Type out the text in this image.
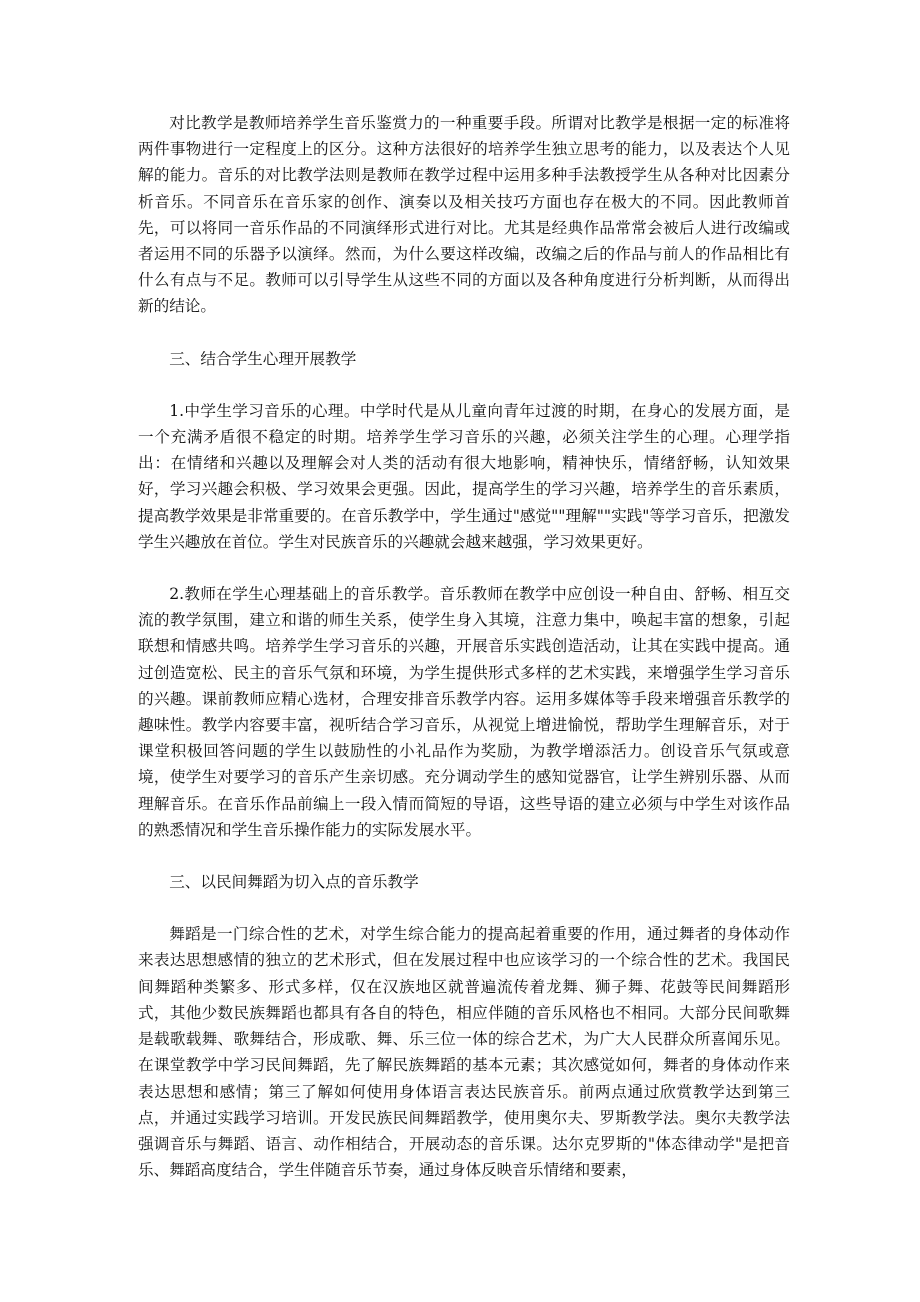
对比教学是教师培养学生音乐鉴赏力的一种重要手段。所谓对比教学是根据一定的标准将两件事物进行一定程度上的区分。这种方法很好的培养学生独立思考的能力，以及表达个人见解的能力。音乐的对比教学法则是教师在教学过程中运用多种手法教授学生从各种对比因素分析音乐。不同音乐在音乐家的创作、演奏以及相关技巧方面也存在极大的不同。因此教师首先，可以将同一音乐作品的不同演绎形式进行对比。尤其是经典作品常常会被后人进行改编或者运用不同的乐器予以演绎。然而，为什么要这样改编，改编之后的作品与前人的作品相比有什么有点与不足。教师可以引导学生从这些不同的方面以及各种角度进行分析判断，从而得出新的结论。

三、结合学生心理开展教学

1.中学生学习音乐的心理。中学时代是从儿童向青年过渡的时期，在身心的发展方面，是一个充满矛盾很不稳定的时期。培养学生学习音乐的兴趣，必须关注学生的心理。心理学指出：在情绪和兴趣以及理解会对人类的活动有很大地影响，精神快乐，情绪舒畅，认知效果好，学习兴趣会积极、学习效果会更强。因此，提高学生的学习兴趣，培养学生的音乐素质，提高教学效果是非常重要的。在音乐教学中，学生通过"感觉""理解""实践"等学习音乐，把激发学生兴趣放在首位。学生对民族音乐的兴趣就会越来越强，学习效果更好。

2.教师在学生心理基础上的音乐教学。音乐教师在教学中应创设一种自由、舒畅、相互交流的教学氛围，建立和谐的师生关系，使学生身入其境，注意力集中，唤起丰富的想象，引起联想和情感共鸣。培养学生学习音乐的兴趣，开展音乐实践创造活动，让其在实践中提高。通过创造宽松、民主的音乐气氛和环境，为学生提供形式多样的艺术实践，来增强学生学习音乐的兴趣。课前教师应精心选材，合理安排音乐教学内容。运用多媒体等手段来增强音乐教学的趣味性。教学内容要丰富，视听结合学习音乐，从视觉上增进愉悦，帮助学生理解音乐，对于课堂积极回答问题的学生以鼓励性的小礼品作为奖励，为教学增添活力。创设音乐气氛或意境，使学生对要学习的音乐产生亲切感。充分调动学生的感知觉器官，让学生辨别乐器、从而理解音乐。在音乐作品前编上一段入情而简短的导语，这些导语的建立必须与中学生对该作品的熟悉情况和学生音乐操作能力的实际发展水平。

三、以民间舞蹈为切入点的音乐教学

舞蹈是一门综合性的艺术，对学生综合能力的提高起着重要的作用，通过舞者的身体动作来表达思想感情的独立的艺术形式，但在发展过程中也应该学习的一个综合性的艺术。我国民间舞蹈种类繁多、形式多样，仅在汉族地区就普遍流传着龙舞、狮子舞、花鼓等民间舞蹈形式，其他少数民族舞蹈也都具有各自的特色，相应伴随的音乐风格也不相同。大部分民间歌舞是载歌载舞、歌舞结合，形成歌、舞、乐三位一体的综合艺术，为广大人民群众所喜闻乐见。在课堂教学中学习民间舞蹈，先了解民族舞蹈的基本元素；其次感觉如何，舞者的身体动作来表达思想和感情；第三了解如何使用身体语言表达民族音乐。前两点通过欣赏教学达到第三点，并通过实践学习培训。开发民族民间舞蹈教学，使用奥尔夫、罗斯教学法。奥尔夫教学法强调音乐与舞蹈、语言、动作相结合，开展动态的音乐课。达尔克罗斯的"体态律动学"是把音乐、舞蹈高度结合，学生伴随音乐节奏，通过身体反映音乐情绪和要素，
